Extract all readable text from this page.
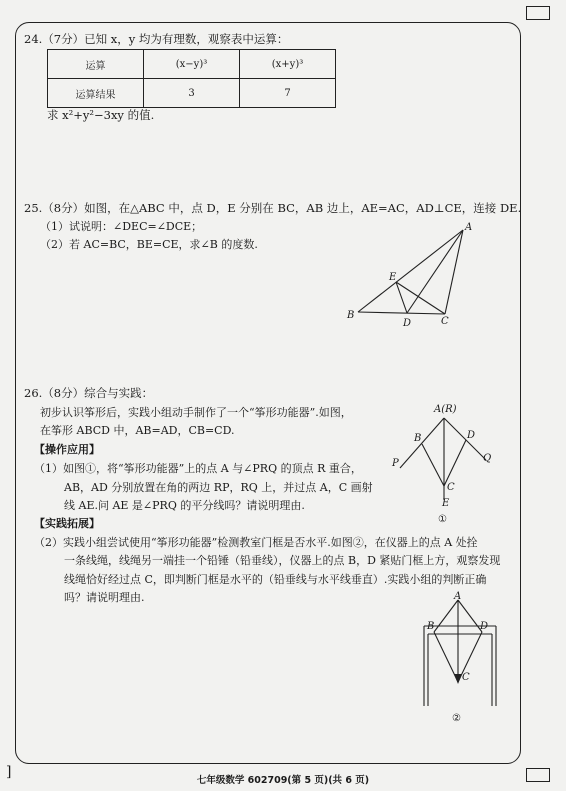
]
24.（7分）已知 x，y 均为有理数，观察表中运算：
运算	(x−y)³	(x+y)³
运算结果	3	7
求 x²+y²−3xy 的值.
25.（8分）如图，在△ABC 中，点 D，E 分别在 BC，AB 边上，AE=AC，AD⊥CE，连接 DE.
（1）试说明：∠DEC=∠DCE；
（2）若 AC=BC，BE=CE，求∠B 的度数.
A
E
B
D	C
26.（8分）综合与实践：
初步认识筝形后，实践小组动手制作了一个“筝形功能器”.如图，
在筝形 ABCD 中，AB=AD，CB=CD.
【操作应用】
（1）如图①，将“筝形功能器”上的点 A 与∠PRQ 的顶点 R 重合，
AB，AD 分别放置在角的两边 RP，RQ 上，并过点 A，C 画射
线 AE.问 AE 是∠PRQ 的平分线吗？请说明理由.
【实践拓展】
（2）实践小组尝试使用“筝形功能器”检测教室门框是否水平.如图②，在仪器上的点 A 处拴
一条线绳，线绳另一端挂一个铅锤（铅垂线），仪器上的点 B，D 紧贴门框上方，观察发现
线绳恰好经过点 C，即判断门框是水平的（铅垂线与水平线垂直）.实践小组的判断正确
吗？请说明理由.
A(R)
B	D
P	Q
C
E
①
A
B	D
C
②
七年级数学 602709(第 5 页)(共 6 页)
